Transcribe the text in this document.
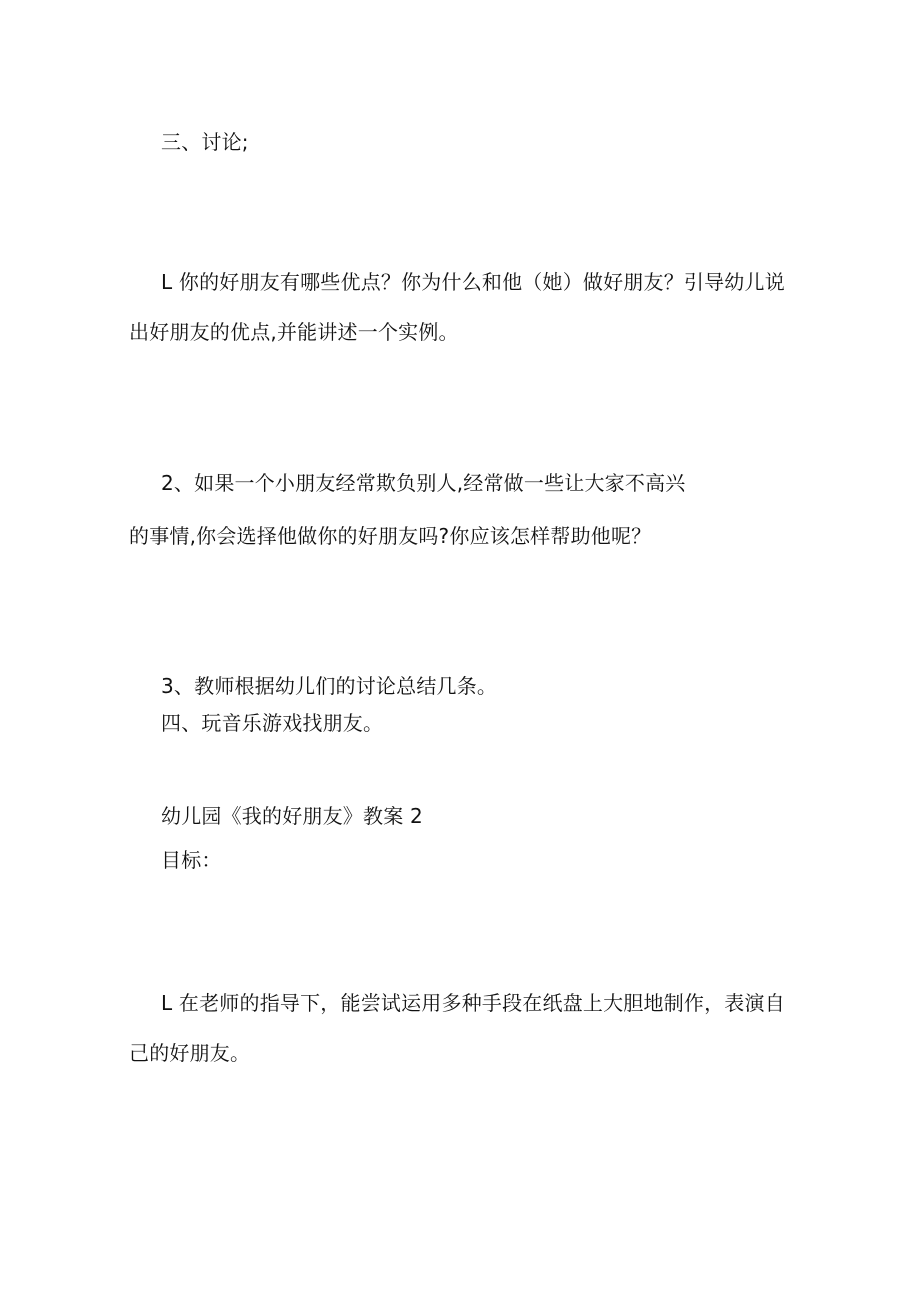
三、讨论;
L 你的好朋友有哪些优点？你为什么和他（她）做好朋友？引导幼儿说
出好朋友的优点,并能讲述一个实例。
2、如果一个小朋友经常欺负别人,经常做一些让大家不高兴
的事情,你会选择他做你的好朋友吗?你应该怎样帮助他呢？
3、教师根据幼儿们的讨论总结几条。
四、玩音乐游戏找朋友。
幼儿园《我的好朋友》教案 2
目标：
L 在老师的指导下，能尝试运用多种手段在纸盘上大胆地制作，表演自
己的好朋友。
